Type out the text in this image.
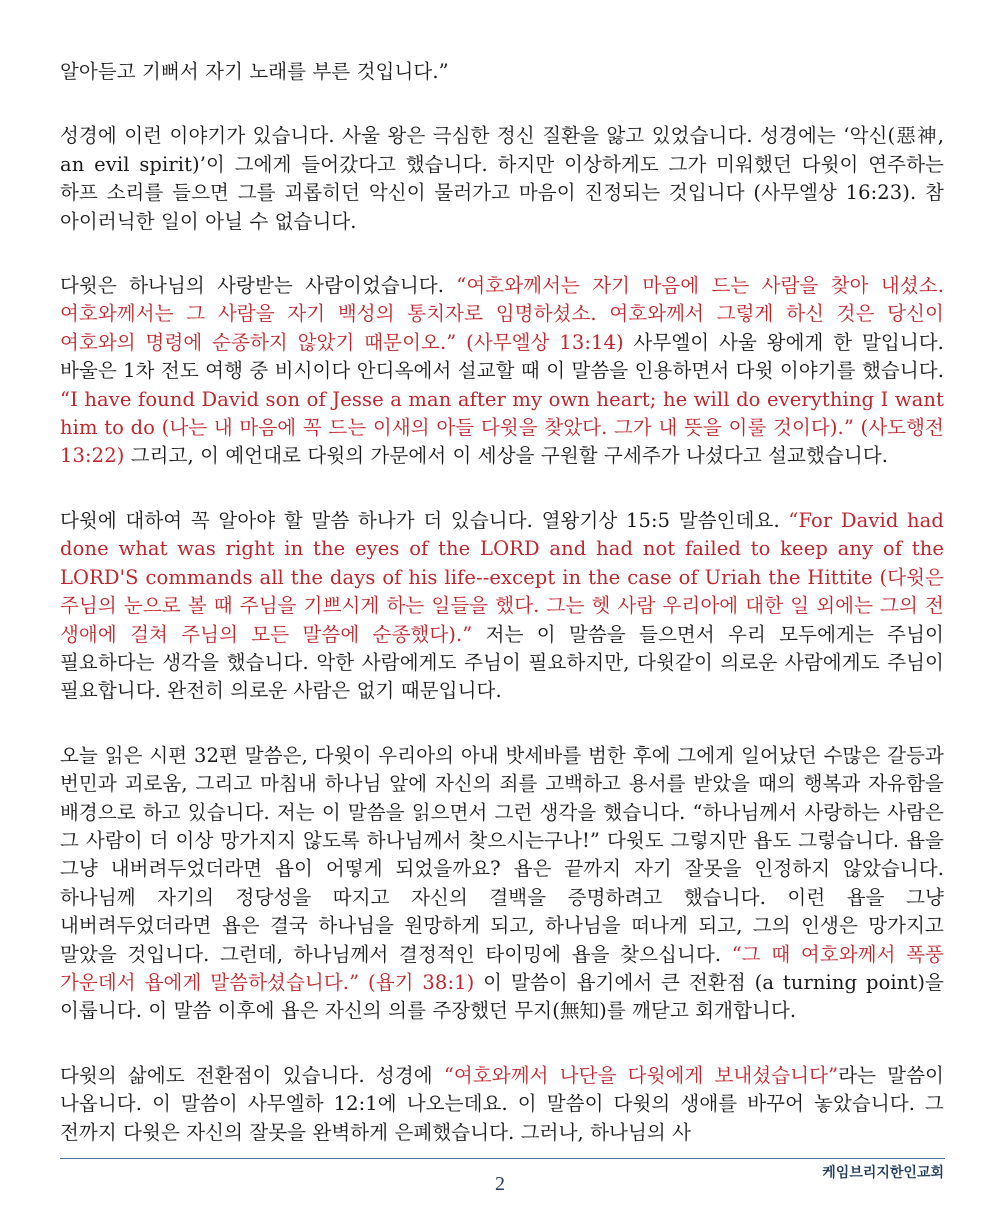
알아듣고 기뻐서 자기 노래를 부른 것입니다.”

성경에 이런 이야기가 있습니다. 사울 왕은 극심한 정신 질환을 앓고 있었습니다. 성경에는 ‘악신(惡神, an evil spirit)’이 그에게 들어갔다고 했습니다. 하지만 이상하게도 그가 미워했던 다윗이 연주하는 하프 소리를 들으면 그를 괴롭히던 악신이 물러가고 마음이 진정되는 것입니다 (사무엘상 16:23). 참 아이러닉한 일이 아닐 수 없습니다.

다윗은 하나님의 사랑받는 사람이었습니다. “여호와께서는 자기 마음에 드는 사람을 찾아 내셨소. 여호와께서는 그 사람을 자기 백성의 통치자로 임명하셨소. 여호와께서 그렇게 하신 것은 당신이 여호와의 명령에 순종하지 않았기 때문이오.” (사무엘상 13:14) 사무엘이 사울 왕에게 한 말입니다. 바울은 1차 전도 여행 중 비시이다 안디옥에서 설교할 때 이 말씀을 인용하면서 다윗 이야기를 했습니다. “I have found David son of Jesse a man after my own heart; he will do everything I want him to do (나는 내 마음에 꼭 드는 이새의 아들 다윗을 찾았다. 그가 내 뜻을 이룰 것이다).” (사도행전 13:22) 그리고, 이 예언대로 다윗의 가문에서 이 세상을 구원할 구세주가 나셨다고 설교했습니다.

다윗에 대하여 꼭 알아야 할 말씀 하나가 더 있습니다. 열왕기상 15:5 말씀인데요. “For David had done what was right in the eyes of the LORD and had not failed to keep any of the LORD'S commands all the days of his life--except in the case of Uriah the Hittite (다윗은 주님의 눈으로 볼 때 주님을 기쁘시게 하는 일들을 했다. 그는 헷 사람 우리아에 대한 일 외에는 그의 전 생애에 걸쳐 주님의 모든 말씀에 순종했다).” 저는 이 말씀을 들으면서 우리 모두에게는 주님이 필요하다는 생각을 했습니다. 악한 사람에게도 주님이 필요하지만, 다윗같이 의로운 사람에게도 주님이 필요합니다. 완전히 의로운 사람은 없기 때문입니다.

오늘 읽은 시편 32편 말씀은, 다윗이 우리아의 아내 밧세바를 범한 후에 그에게 일어났던 수많은 갈등과 번민과 괴로움, 그리고 마침내 하나님 앞에 자신의 죄를 고백하고 용서를 받았을 때의 행복과 자유함을 배경으로 하고 있습니다. 저는 이 말씀을 읽으면서 그런 생각을 했습니다. “하나님께서 사랑하는 사람은 그 사람이 더 이상 망가지지 않도록 하나님께서 찾으시는구나!” 다윗도 그렇지만 욥도 그렇습니다. 욥을 그냥 내버려두었더라면 욥이 어떻게 되었을까요? 욥은 끝까지 자기 잘못을 인정하지 않았습니다. 하나님께 자기의 정당성을 따지고 자신의 결백을 증명하려고 했습니다. 이런 욥을 그냥 내버려두었더라면 욥은 결국 하나님을 원망하게 되고, 하나님을 떠나게 되고, 그의 인생은 망가지고 말았을 것입니다. 그런데, 하나님께서 결정적인 타이밍에 욥을 찾으십니다. “그 때 여호와께서 폭풍 가운데서 욥에게 말씀하셨습니다.” (욥기 38:1) 이 말씀이 욥기에서 큰 전환점 (a turning point)을 이룹니다. 이 말씀 이후에 욥은 자신의 의를 주장했던 무지(無知)를 깨닫고 회개합니다.

다윗의 삶에도 전환점이 있습니다. 성경에 “여호와께서 나단을 다윗에게 보내셨습니다”라는 말씀이 나옵니다. 이 말씀이 사무엘하 12:1에 나오는데요. 이 말씀이 다윗의 생애를 바꾸어 놓았습니다. 그 전까지 다윗은 자신의 잘못을 완벽하게 은폐했습니다. 그러나, 하나님의 사

2	케임브리지한인교회
